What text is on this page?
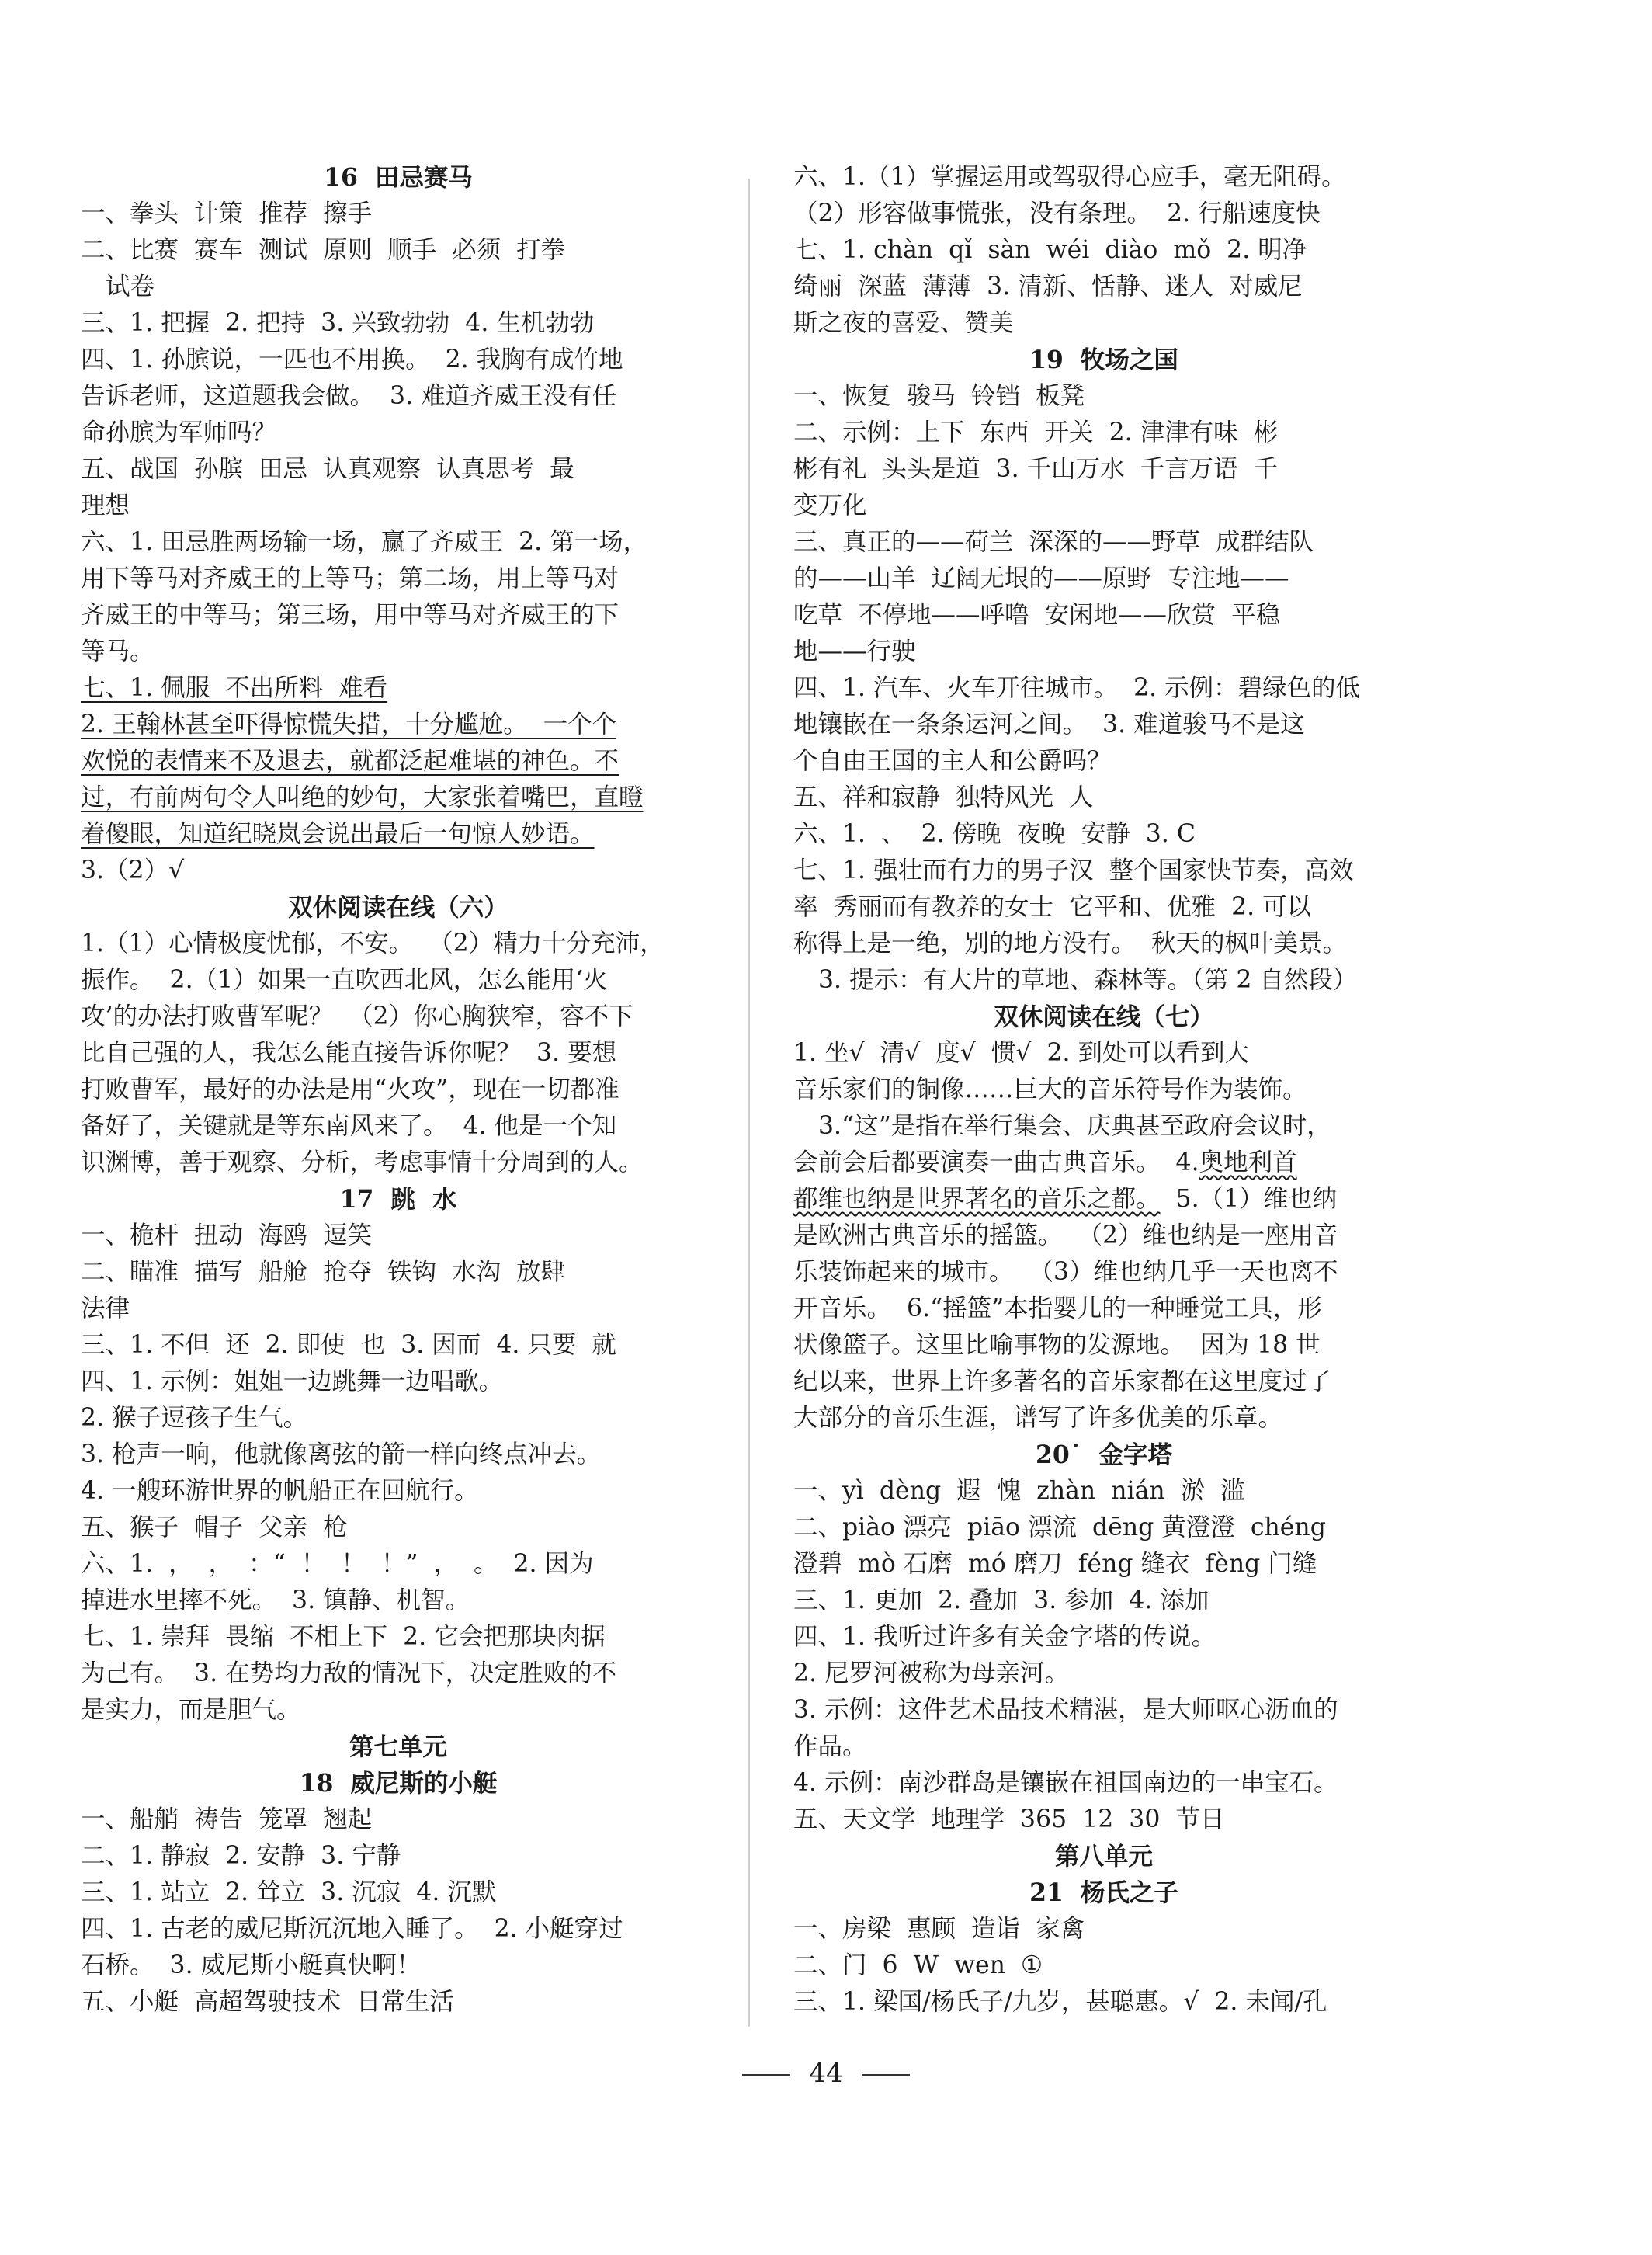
16  田忌赛马
一、拳头  计策  推荐  擦手
二、比赛  赛车  测试  原则  顺手  必须  打拳
试卷
三、1. 把握  2. 把持  3. 兴致勃勃  4. 生机勃勃
四、1. 孙膑说，一匹也不用换。  2. 我胸有成竹地
告诉老师，这道题我会做。  3. 难道齐威王没有任
命孙膑为军师吗？
五、战国  孙膑  田忌  认真观察  认真思考  最
理想
六、1. 田忌胜两场输一场，赢了齐威王  2. 第一场，
用下等马对齐威王的上等马；第二场，用上等马对
齐威王的中等马；第三场，用中等马对齐威王的下
等马。
七、1. 佩服  不出所料  难看
2. 王翰林甚至吓得惊慌失措，十分尴尬。  一个个
欢悦的表情来不及退去，就都泛起难堪的神色。不
过，有前两句令人叫绝的妙句，大家张着嘴巴，直瞪
着傻眼，知道纪晓岚会说出最后一句惊人妙语。
3.（2）√
双休阅读在线（六）
1.（1）心情极度忧郁，不安。  （2）精力十分充沛，
振作。  2.（1）如果一直吹西北风，怎么能用‘火
攻’的办法打败曹军呢？  （2）你心胸狭窄，容不下
比自己强的人，我怎么能直接告诉你呢？  3. 要想
打败曹军，最好的办法是用“火攻”，现在一切都准
备好了，关键就是等东南风来了。  4. 他是一个知
识渊博，善于观察、分析，考虑事情十分周到的人。
17  跳  水
一、桅杆  扭动  海鸥  逗笑
二、瞄准  描写  船舱  抢夺  铁钩  水沟  放肆
法律
三、1. 不但  还  2. 即使  也  3. 因而  4. 只要  就
四、1. 示例：姐姐一边跳舞一边唱歌。
2. 猴子逗孩子生气。
3. 枪声一响，他就像离弦的箭一样向终点冲去。
4. 一艘环游世界的帆船正在回航行。
五、猴子  帽子  父亲  枪
六、1.  ，  ，  ：“  ！  ！  ！”  ，  。  2. 因为
掉进水里摔不死。  3. 镇静、机智。
七、1. 崇拜  畏缩  不相上下  2. 它会把那块肉据
为己有。  3. 在势均力敌的情况下，决定胜败的不
是实力，而是胆气。
第七单元
18  威尼斯的小艇
一、船艄  祷告  笼罩  翘起
二、1. 静寂  2. 安静  3. 宁静
三、1. 站立  2. 耸立  3. 沉寂  4. 沉默
四、1. 古老的威尼斯沉沉地入睡了。  2. 小艇穿过
石桥。  3. 威尼斯小艇真快啊！
五、小艇  高超驾驶技术  日常生活
六、1.（1）掌握运用或驾驭得心应手，毫无阻碍。
（2）形容做事慌张，没有条理。  2. 行船速度快
七、1. chàn  qǐ  sàn  wéi  diào  mǒ  2. 明净
绮丽  深蓝  薄薄  3. 清新、恬静、迷人  对威尼
斯之夜的喜爱、赞美
19  牧场之国
一、恢复  骏马  铃铛  板凳
二、示例：上下  东西  开关  2. 津津有味  彬
彬有礼  头头是道  3. 千山万水  千言万语  千
变万化
三、真正的——荷兰  深深的——野草  成群结队
的——山羊  辽阔无垠的——原野  专注地——
吃草  不停地——呼噜  安闲地——欣赏  平稳
地——行驶
四、1. 汽车、火车开往城市。  2. 示例：碧绿色的低
地镶嵌在一条条运河之间。  3. 难道骏马不是这
个自由王国的主人和公爵吗？
五、祥和寂静  独特风光  人
六、1.  、  2. 傍晚  夜晚  安静  3. C
七、1. 强壮而有力的男子汉  整个国家快节奏，高效
率  秀丽而有教养的女士  它平和、优雅  2. 可以
称得上是一绝，别的地方没有。  秋天的枫叶美景。
3. 提示：有大片的草地、森林等。（第 2 自然段）
双休阅读在线（七）
1. 坐√  清√  度√  惯√  2. 到处可以看到大
音乐家们的铜像……巨大的音乐符号作为装饰。
3.“这”是指在举行集会、庆典甚至政府会议时，
会前会后都要演奏一曲古典音乐。  4.奥地利首
都维也纳是世界著名的音乐之都。  5.（1）维也纳
是欧洲古典音乐的摇篮。  （2）维也纳是一座用音
乐装饰起来的城市。  （3）维也纳几乎一天也离不
开音乐。  6.“摇篮”本指婴儿的一种睡觉工具，形
状像篮子。这里比喻事物的发源地。  因为 18 世
纪以来，世界上许多著名的音乐家都在这里度过了
大部分的音乐生涯，谱写了许多优美的乐章。
20˙  金字塔
一、yì  dèng  遐  愧  zhàn  nián  淤  滥
二、piào 漂亮  piāo 漂流  dēng 黄澄澄  chéng
澄碧  mò 石磨  mó 磨刀  féng 缝衣  fèng 门缝
三、1. 更加  2. 叠加  3. 参加  4. 添加
四、1. 我听过许多有关金字塔的传说。
2. 尼罗河被称为母亲河。
3. 示例：这件艺术品技术精湛，是大师呕心沥血的
作品。
4. 示例：南沙群岛是镶嵌在祖国南边的一串宝石。
五、天文学  地理学  365  12  30  节日
第八单元
21  杨氏之子
一、房梁  惠顾  造诣  家禽
二、门  6  W  wen  ①
三、1. 梁国/杨氏子/九岁，甚聪惠。√  2. 未闻/孔
44
